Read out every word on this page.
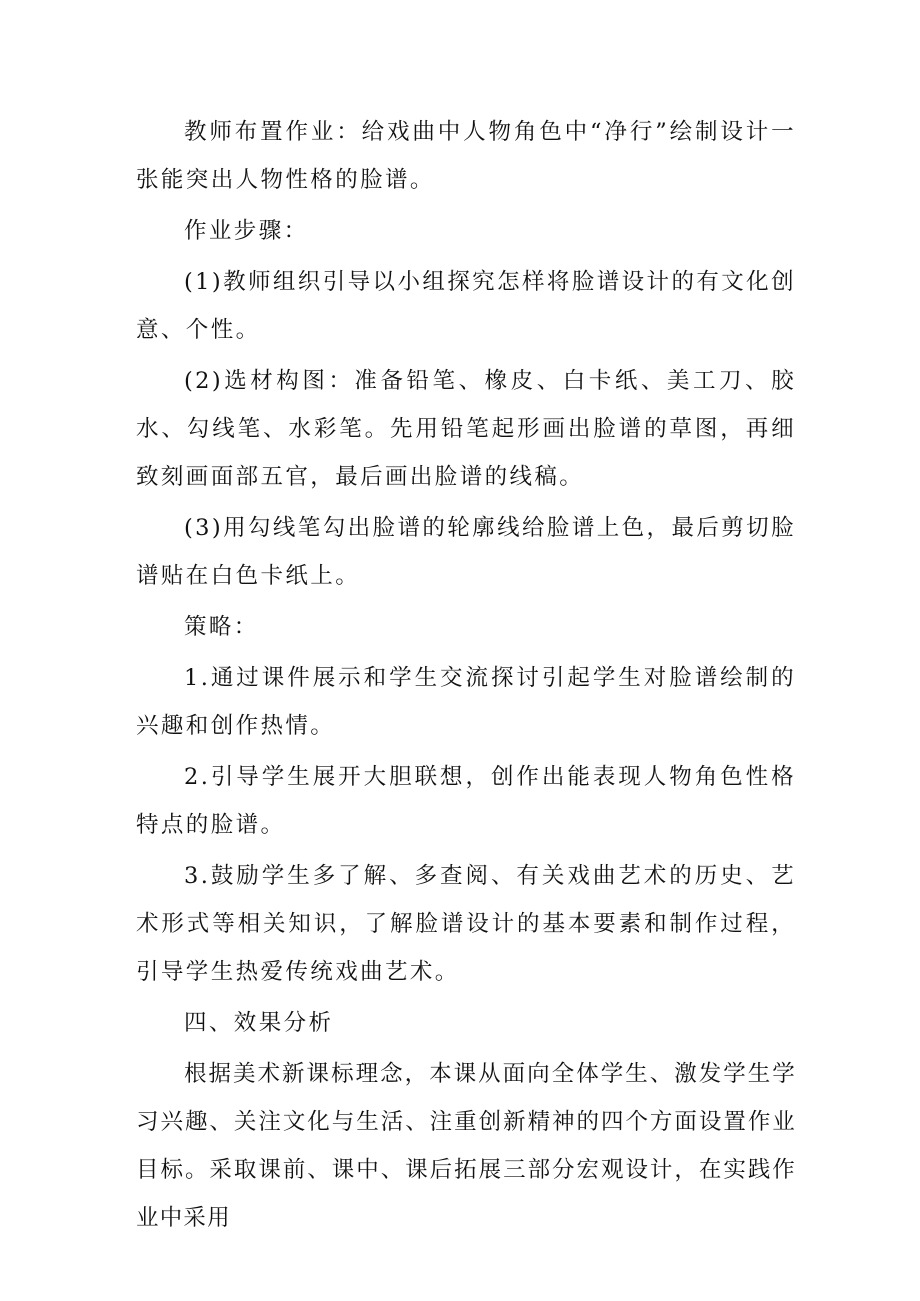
教师布置作业：给戏曲中人物角色中“净行”绘制设计一张能突出人物性格的脸谱。

作业步骤：

(1)教师组织引导以小组探究怎样将脸谱设计的有文化创意、个性。

(2)选材构图：准备铅笔、橡皮、白卡纸、美工刀、胶水、勾线笔、水彩笔。先用铅笔起形画出脸谱的草图，再细致刻画面部五官，最后画出脸谱的线稿。

(3)用勾线笔勾出脸谱的轮廓线给脸谱上色，最后剪切脸谱贴在白色卡纸上。

策略：

1.通过课件展示和学生交流探讨引起学生对脸谱绘制的兴趣和创作热情。

2.引导学生展开大胆联想，创作出能表现人物角色性格特点的脸谱。

3.鼓励学生多了解、多查阅、有关戏曲艺术的历史、艺术形式等相关知识，了解脸谱设计的基本要素和制作过程，引导学生热爱传统戏曲艺术。

四、效果分析

根据美术新课标理念，本课从面向全体学生、激发学生学习兴趣、关注文化与生活、注重创新精神的四个方面设置作业目标。采取课前、课中、课后拓展三部分宏观设计，在实践作业中采用
